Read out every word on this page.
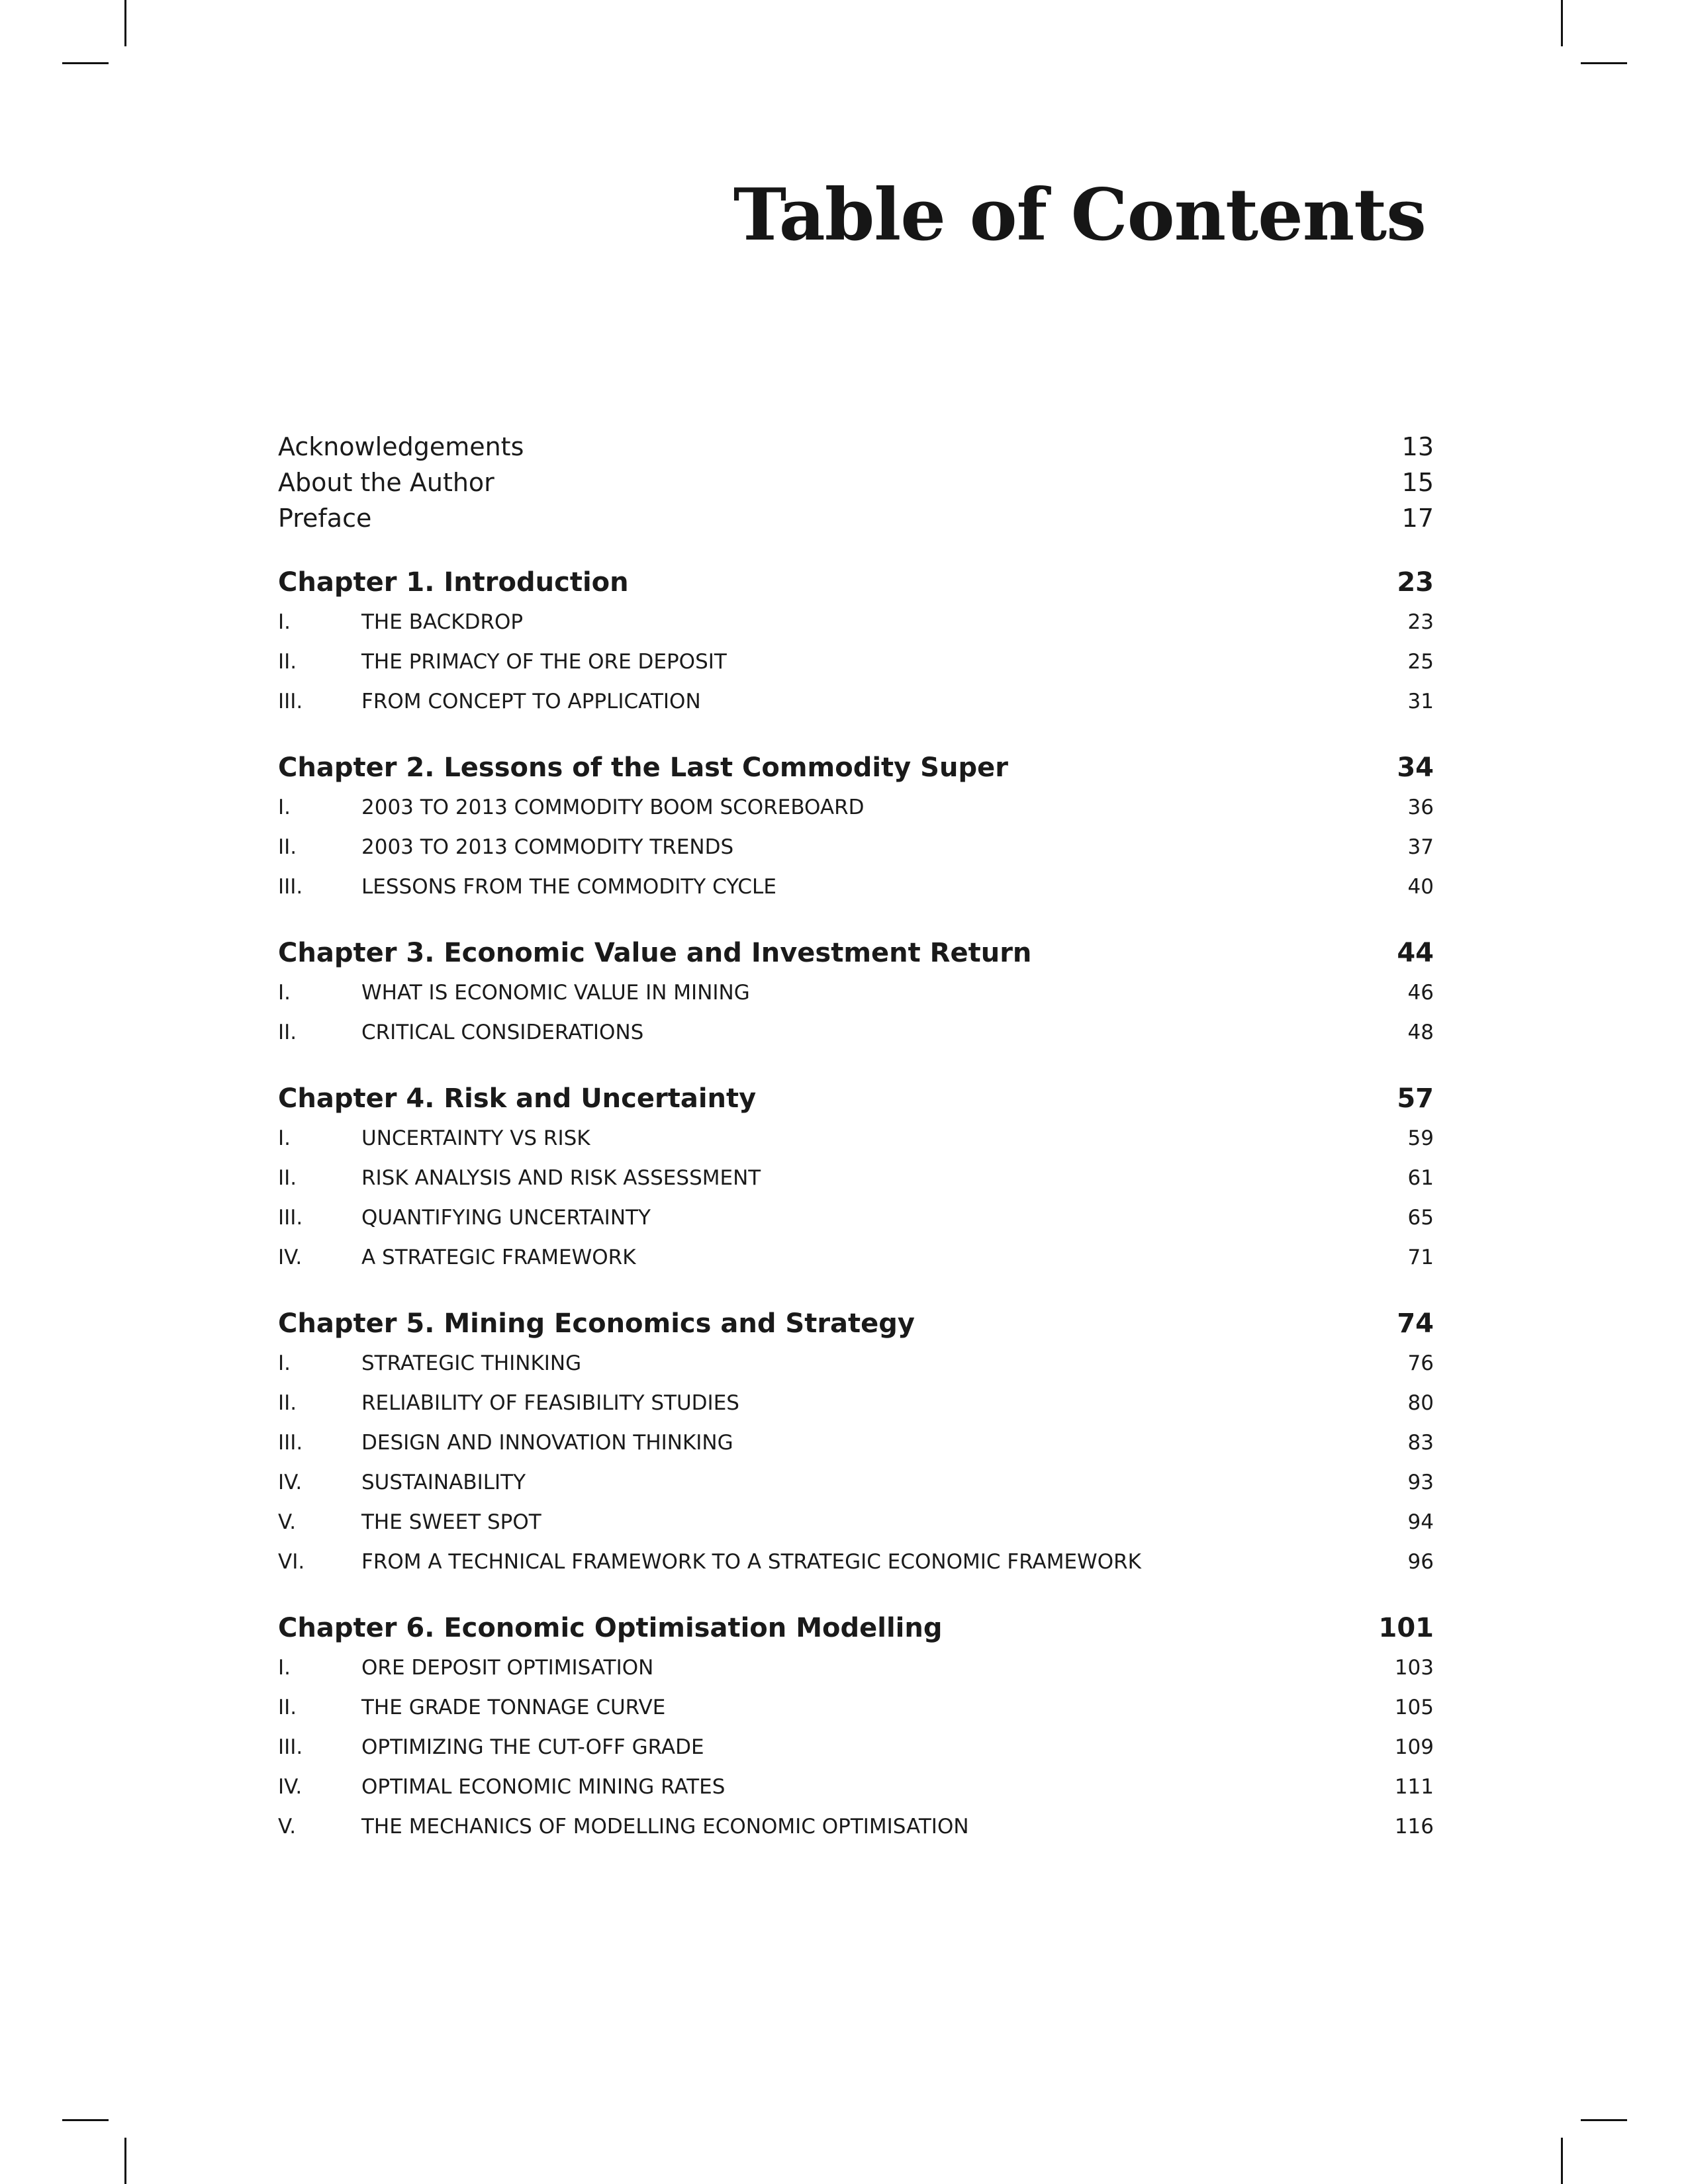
Table of Contents
Acknowledgements	13
About the Author	15
Preface	17
Chapter 1. Introduction	23
I.	THE BACKDROP	23
II.	THE PRIMACY OF THE ORE DEPOSIT	25
III.	FROM CONCEPT TO APPLICATION	31
Chapter 2. Lessons of the Last Commodity Super	34
I.	2003 TO 2013 COMMODITY BOOM SCOREBOARD	36
II.	2003 TO 2013 COMMODITY TRENDS	37
III.	LESSONS FROM THE COMMODITY CYCLE	40
Chapter 3. Economic Value and Investment Return	44
I.	WHAT IS ECONOMIC VALUE IN MINING	46
II.	CRITICAL CONSIDERATIONS	48
Chapter 4. Risk and Uncertainty	57
I.	UNCERTAINTY VS RISK	59
II.	RISK ANALYSIS AND RISK ASSESSMENT	61
III.	QUANTIFYING UNCERTAINTY	65
IV.	A STRATEGIC FRAMEWORK	71
Chapter 5. Mining Economics and Strategy	74
I.	STRATEGIC THINKING	76
II.	RELIABILITY OF FEASIBILITY STUDIES	80
III.	DESIGN AND INNOVATION THINKING	83
IV.	SUSTAINABILITY	93
V.	THE SWEET SPOT	94
VI.	FROM A TECHNICAL FRAMEWORK TO A STRATEGIC ECONOMIC FRAMEWORK	96
Chapter 6. Economic Optimisation Modelling	101
I.	ORE DEPOSIT OPTIMISATION	103
II.	THE GRADE TONNAGE CURVE	105
III.	OPTIMIZING THE CUT-OFF GRADE	109
IV.	OPTIMAL ECONOMIC MINING RATES	111
V.	THE MECHANICS OF MODELLING ECONOMIC OPTIMISATION	116
